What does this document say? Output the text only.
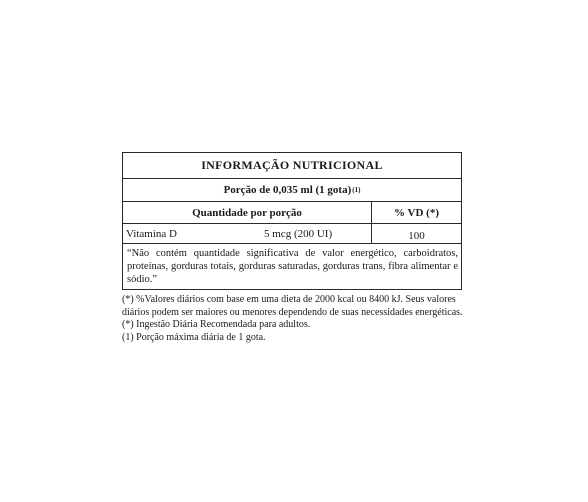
INFORMAÇÃO NUTRICIONAL
Porção de 0,035 ml (1 gota) (1)
Quantidade por porção	% VD (*)
Vitamina D	5 mcg (200 UI)	100
“Não contém quantidade significativa de valor energético, carboidratos, proteínas, gorduras totais, gorduras saturadas, gorduras trans, fibra alimentar e sódio.”

(*) %Valores diários com base em uma dieta de 2000 kcal ou 8400 kJ. Seus valores diários podem ser maiores ou menores dependendo de suas necessidades energéticas.

(*) Ingestão Diária Recomendada para adultos.

(1) Porção máxima diária de 1 gota.
